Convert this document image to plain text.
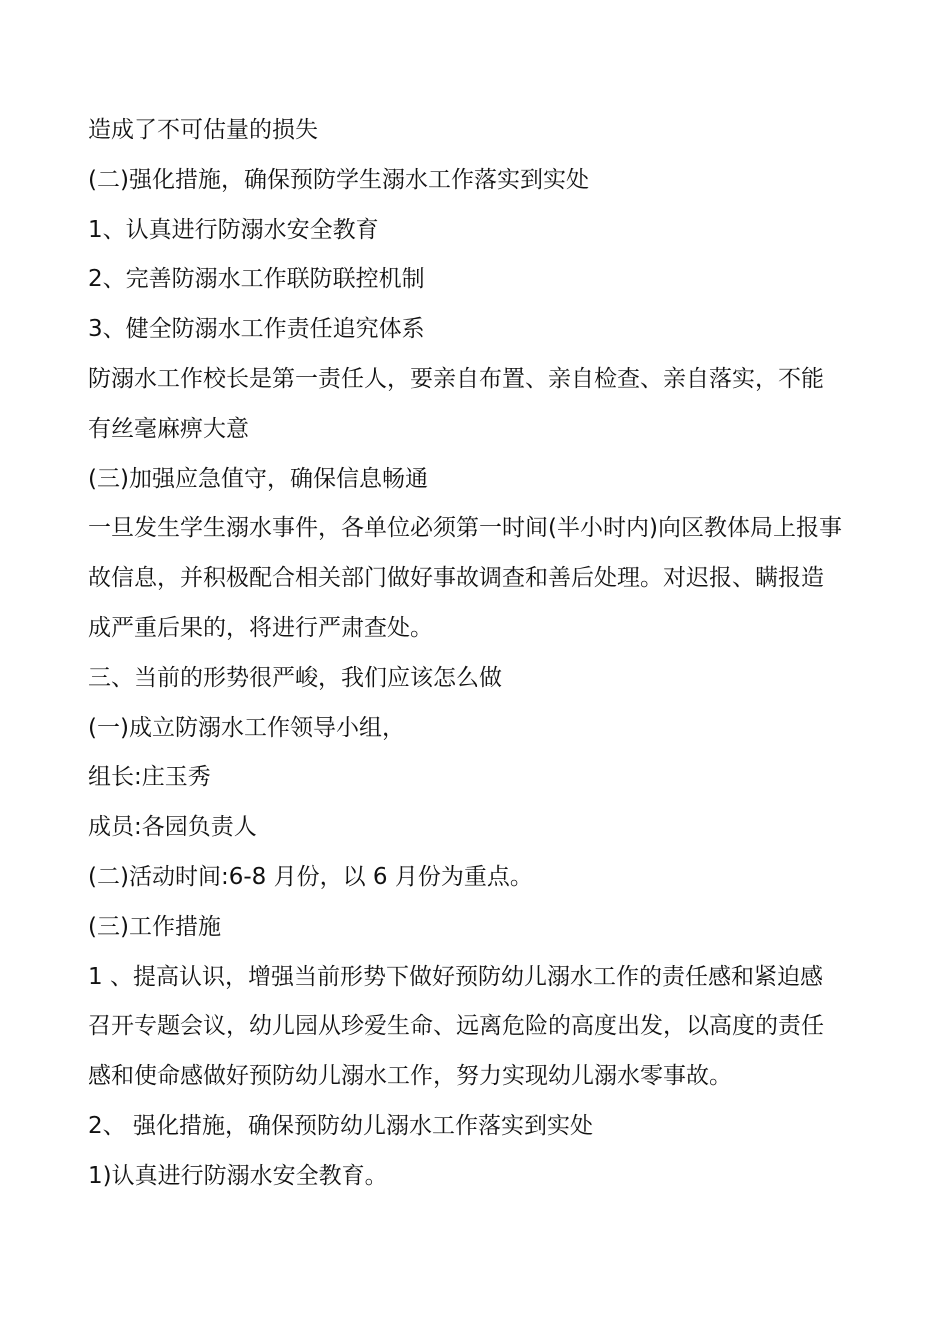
造成了不可估量的损失
(二)强化措施，确保预防学生溺水工作落实到实处
1、认真进行防溺水安全教育
2、完善防溺水工作联防联控机制
3、健全防溺水工作责任追究体系
防溺水工作校长是第一责任人，要亲自布置、亲自检查、亲自落实，不能
有丝毫麻痹大意
(三)加强应急值守，确保信息畅通
一旦发生学生溺水事件，各单位必须第一时间(半小时内)向区教体局上报事
故信息，并积极配合相关部门做好事故调查和善后处理。对迟报、瞒报造
成严重后果的，将进行严肃查处。
三、当前的形势很严峻，我们应该怎么做
(一)成立防溺水工作领导小组，
组长:庄玉秀
成员:各园负责人
(二)活动时间:6-8 月份，以 6 月份为重点。
(三)工作措施
1 、提高认识，增强当前形势下做好预防幼儿溺水工作的责任感和紧迫感
召开专题会议，幼儿园从珍爱生命、远离危险的高度出发，以高度的责任
感和使命感做好预防幼儿溺水工作，努力实现幼儿溺水零事故。
2、 强化措施，确保预防幼儿溺水工作落实到实处
1)认真进行防溺水安全教育。
